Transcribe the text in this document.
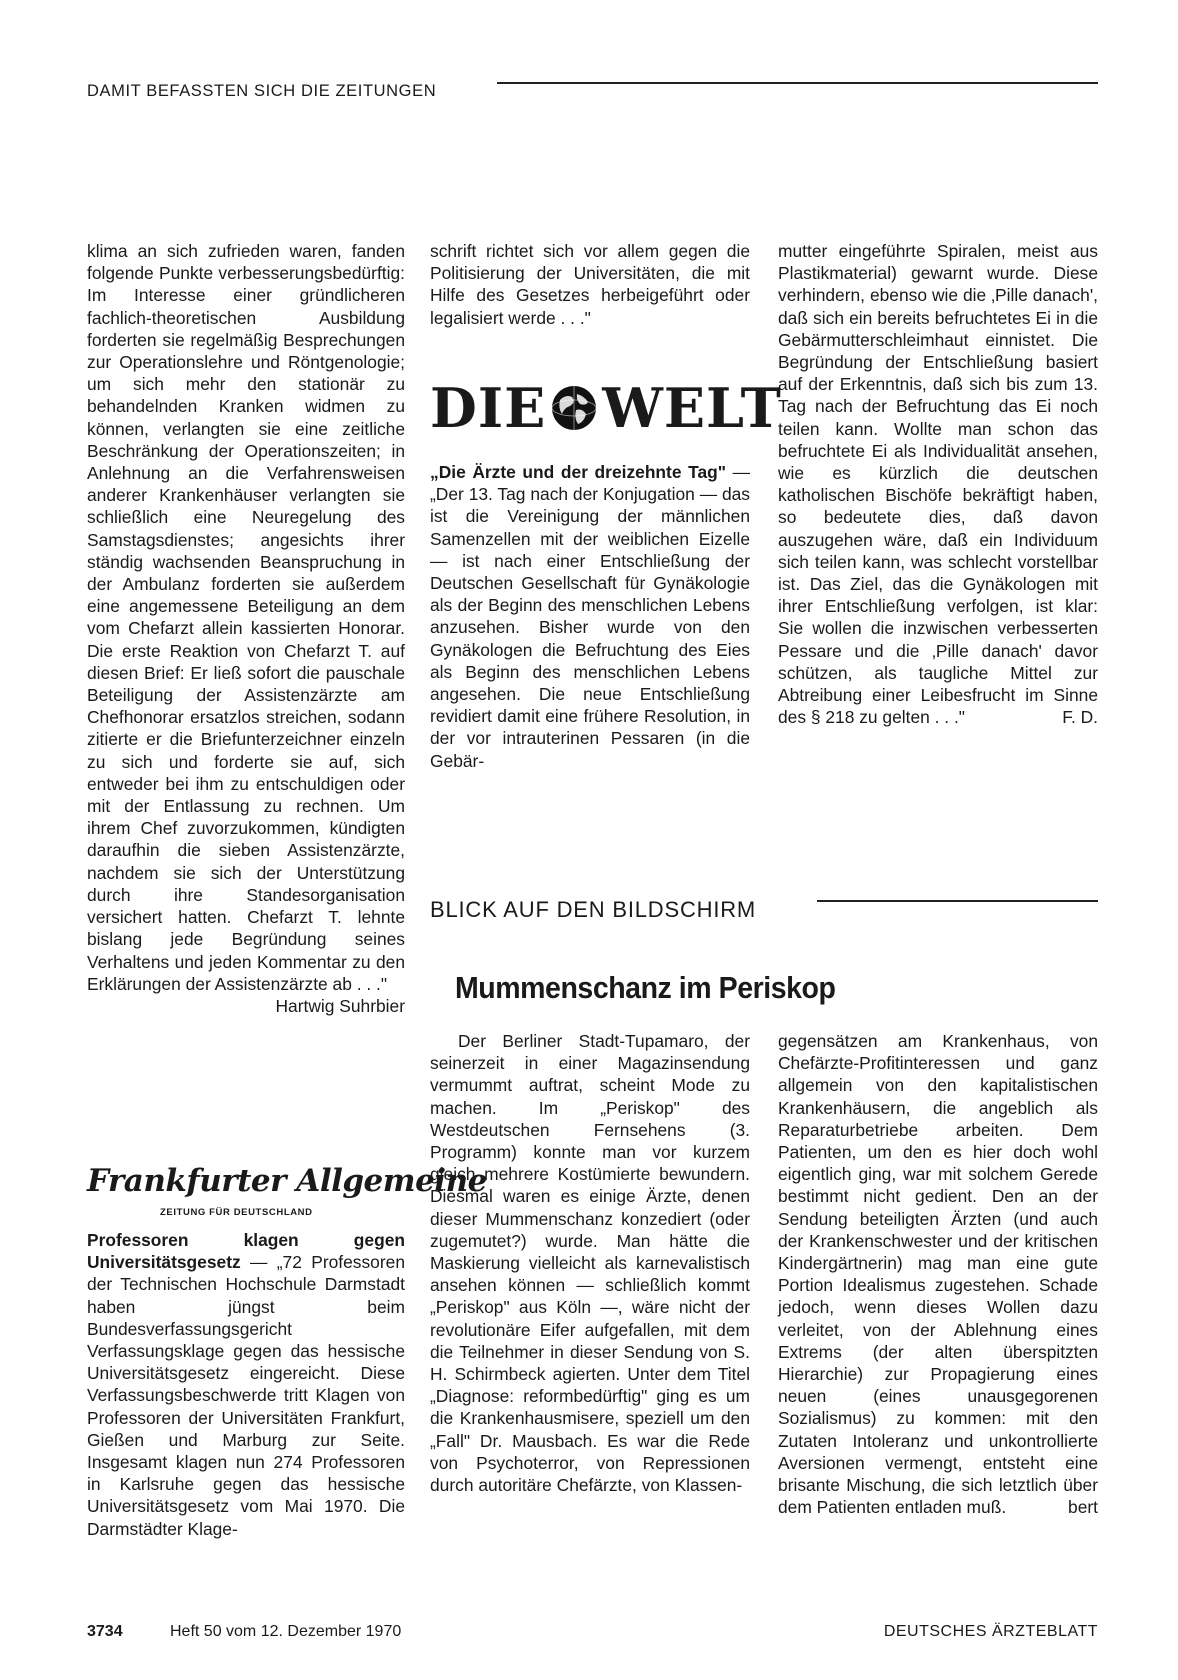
DAMIT BEFASSTEN SICH DIE ZEITUNGEN

klima an sich zufrieden waren, fanden folgende Punkte verbesserungsbedürftig: Im Interesse einer gründlicheren fachlich-theoretischen Ausbildung forderten sie regelmäßig Besprechungen zur Operationslehre und Röntgenologie; um sich mehr den stationär zu behandelnden Kranken widmen zu können, verlangten sie eine zeitliche Beschränkung der Operationszeiten; in Anlehnung an die Verfahrensweisen anderer Krankenhäuser verlangten sie schließlich eine Neuregelung des Samstagsdienstes; angesichts ihrer ständig wachsenden Beanspruchung in der Ambulanz forderten sie außerdem eine angemessene Beteiligung an dem vom Chefarzt allein kassierten Honorar. Die erste Reaktion von Chefarzt T. auf diesen Brief: Er ließ sofort die pauschale Beteiligung der Assistenzärzte am Chefhonorar ersatzlos streichen, sodann zitierte er die Briefunterzeichner einzeln zu sich und forderte sie auf, sich entweder bei ihm zu entschuldigen oder mit der Entlassung zu rechnen. Um ihrem Chef zuvorzukommen, kündigten daraufhin die sieben Assistenzärzte, nachdem sie sich der Unterstützung durch ihre Standesorganisation versichert hatten. Chefarzt T. lehnte bislang jede Begründung seines Verhaltens und jeden Kommentar zu den Erklärungen der Assistenzärzte ab . . ."
Hartwig Suhrbier

Frankfurter Allgemeine
ZEITUNG FÜR DEUTSCHLAND

Professoren klagen gegen Universitätsgesetz — „72 Professoren der Technischen Hochschule Darmstadt haben jüngst beim Bundesverfassungsgericht Verfassungsklage gegen das hessische Universitätsgesetz eingereicht. Diese Verfassungsbeschwerde tritt Klagen von Professoren der Universitäten Frankfurt, Gießen und Marburg zur Seite. Insgesamt klagen nun 274 Professoren in Karlsruhe gegen das hessische Universitätsgesetz vom Mai 1970. Die Darmstädter Klage-

schrift richtet sich vor allem gegen die Politisierung der Universitäten, die mit Hilfe des Gesetzes herbeigeführt oder legalisiert werde . . ."

DIE WELT

„Die Ärzte und der dreizehnte Tag" — „Der 13. Tag nach der Konjugation — das ist die Vereinigung der männlichen Samenzellen mit der weiblichen Eizelle — ist nach einer Entschließung der Deutschen Gesellschaft für Gynäkologie als der Beginn des menschlichen Lebens anzusehen. Bisher wurde von den Gynäkologen die Befruchtung des Eies als Beginn des menschlichen Lebens angesehen. Die neue Entschließung revidiert damit eine frühere Resolution, in der vor intrauterinen Pessaren (in die Gebär-

mutter eingeführte Spiralen, meist aus Plastikmaterial) gewarnt wurde. Diese verhindern, ebenso wie die ‚Pille danach', daß sich ein bereits befruchtetes Ei in die Gebärmutterschleimhaut einnistet. Die Begründung der Entschließung basiert auf der Erkenntnis, daß sich bis zum 13. Tag nach der Befruchtung das Ei noch teilen kann. Wollte man schon das befruchtete Ei als Individualität ansehen, wie es kürzlich die deutschen katholischen Bischöfe bekräftigt haben, so bedeutete dies, daß davon auszugehen wäre, daß ein Individuum sich teilen kann, was schlecht vorstellbar ist. Das Ziel, das die Gynäkologen mit ihrer Entschließung verfolgen, ist klar: Sie wollen die inzwischen verbesserten Pessare und die ‚Pille danach' davor schützen, als taugliche Mittel zur Abtreibung einer Leibesfrucht im Sinne des § 218 zu gelten . . ."	F. D.

BLICK AUF DEN BILDSCHIRM
Mummenschanz im Periskop

Der Berliner Stadt-Tupamaro, der seinerzeit in einer Magazinsendung vermummt auftrat, scheint Mode zu machen. Im „Periskop" des Westdeutschen Fernsehens (3. Programm) konnte man vor kurzem gleich mehrere Kostümierte bewundern. Diesmal waren es einige Ärzte, denen dieser Mummenschanz konzediert (oder zugemutet?) wurde. Man hätte die Maskierung vielleicht als karnevalistisch ansehen können — schließlich kommt „Periskop" aus Köln —, wäre nicht der revolutionäre Eifer aufgefallen, mit dem die Teilnehmer in dieser Sendung von S. H. Schirmbeck agierten. Unter dem Titel „Diagnose: reformbedürftig" ging es um die Krankenhausmisere, speziell um den „Fall" Dr. Mausbach. Es war die Rede von Psychoterror, von Repressionen durch autoritäre Chefärzte, von Klassen-

gegensätzen am Krankenhaus, von Chefärzte-Profitinteressen und ganz allgemein von den kapitalistischen Krankenhäusern, die angeblich als Reparaturbetriebe arbeiten. Dem Patienten, um den es hier doch wohl eigentlich ging, war mit solchem Gerede bestimmt nicht gedient. Den an der Sendung beteiligten Ärzten (und auch der Krankenschwester und der kritischen Kindergärtnerin) mag man eine gute Portion Idealismus zugestehen. Schade jedoch, wenn dieses Wollen dazu verleitet, von der Ablehnung eines Extrems (der alten überspitzten Hierarchie) zur Propagierung eines neuen (eines unausgegorenen Sozialismus) zu kommen: mit den Zutaten Intoleranz und unkontrollierte Aversionen vermengt, entsteht eine brisante Mischung, die sich letztlich über dem Patienten entladen muß.	bert

3734	Heft 50 vom 12. Dezember 1970	DEUTSCHES ÄRZTEBLATT
